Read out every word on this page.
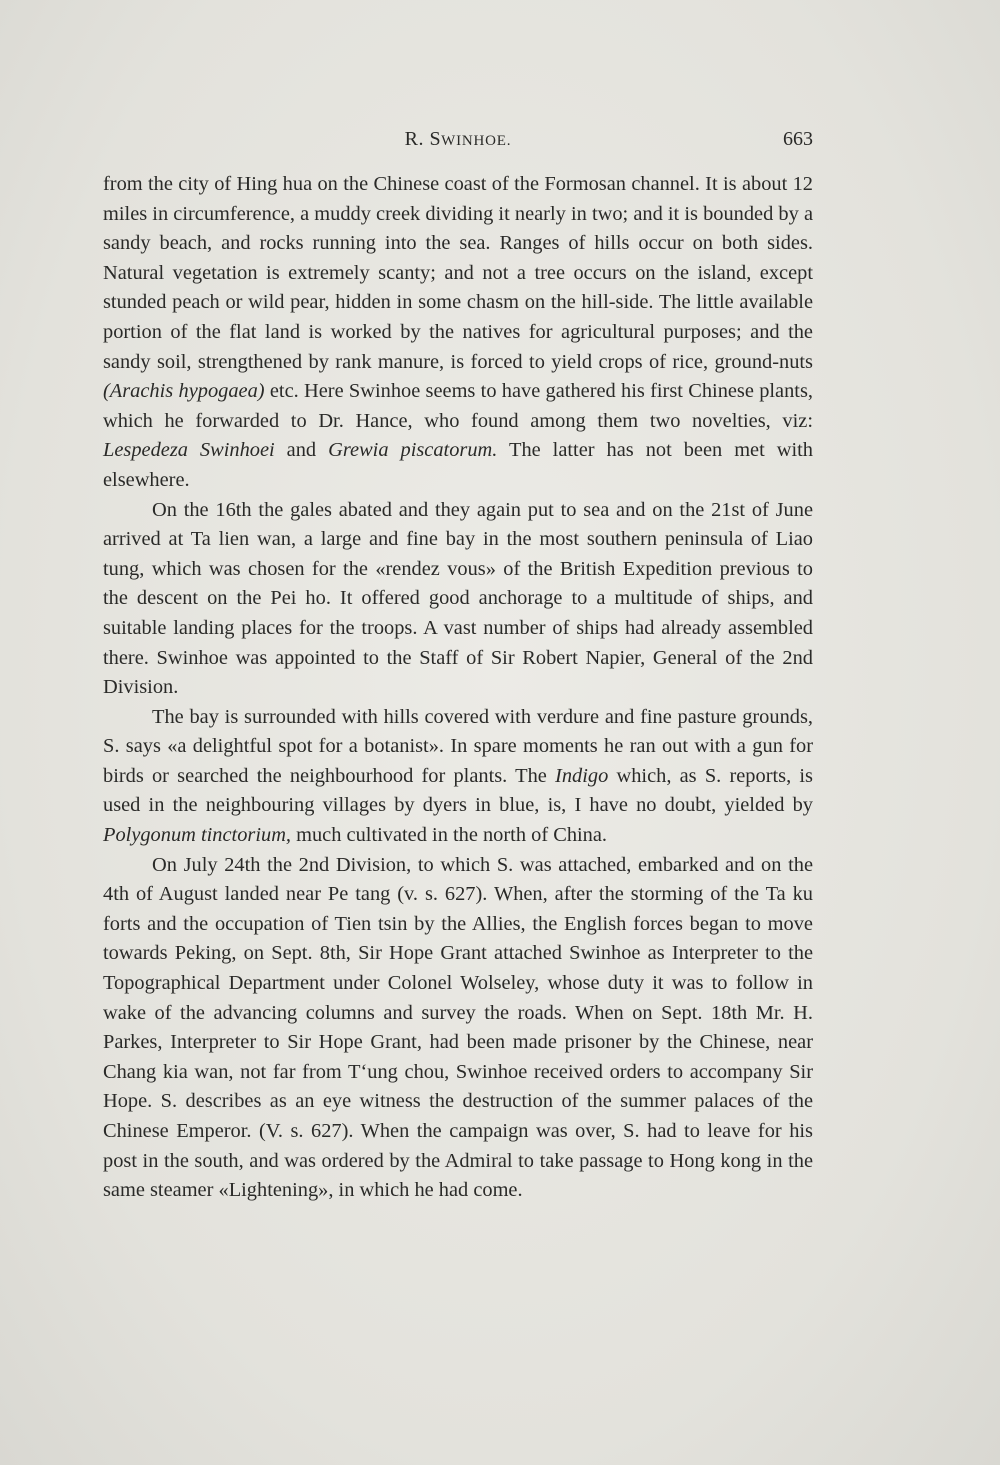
R. SWINHOE.	663

from the city of Hing hua on the Chinese coast of the Formosan channel. It is about 12 miles in circumference, a muddy creek dividing it nearly in two; and it is bounded by a sandy beach, and rocks running into the sea. Ranges of hills occur on both sides. Natural vegetation is extremely scanty; and not a tree occurs on the island, except stunded peach or wild pear, hidden in some chasm on the hill-side. The little available portion of the flat land is worked by the natives for agricultural purposes; and the sandy soil, strengthened by rank manure, is forced to yield crops of rice, ground-nuts (Arachis hypogaea) etc. Here Swinhoe seems to have gathered his first Chinese plants, which he forwarded to Dr. Hance, who found among them two novelties, viz: Lespedeza Swinhoei and Grewia piscatorum. The latter has not been met with elsewhere.

On the 16th the gales abated and they again put to sea and on the 21st of June arrived at Ta lien wan, a large and fine bay in the most southern peninsula of Liao tung, which was chosen for the «rendez vous» of the British Expedition previous to the descent on the Pei ho. It offered good anchorage to a multitude of ships, and suitable landing places for the troops. A vast number of ships had already assembled there. Swinhoe was appointed to the Staff of Sir Robert Napier, General of the 2nd Division.

The bay is surrounded with hills covered with verdure and fine pasture grounds, S. says «a delightful spot for a botanist». In spare moments he ran out with a gun for birds or searched the neighbourhood for plants. The Indigo which, as S. reports, is used in the neighbouring villages by dyers in blue, is, I have no doubt, yielded by Polygonum tinctorium, much cultivated in the north of China.

On July 24th the 2nd Division, to which S. was attached, embarked and on the 4th of August landed near Pe tang (v. s. 627). When, after the storming of the Ta ku forts and the occupation of Tien tsin by the Allies, the English forces began to move towards Peking, on Sept. 8th, Sir Hope Grant attached Swinhoe as Interpreter to the Topographical Department under Colonel Wolseley, whose duty it was to follow in wake of the advancing columns and survey the roads. When on Sept. 18th Mr. H. Parkes, Interpreter to Sir Hope Grant, had been made prisoner by the Chinese, near Chang kia wan, not far from T‘ung chou, Swinhoe received orders to accompany Sir Hope. S. describes as an eye witness the destruction of the summer palaces of the Chinese Emperor. (V. s. 627). When the campaign was over, S. had to leave for his post in the south, and was ordered by the Admiral to take passage to Hong kong in the same steamer «Lightening», in which he had come.
